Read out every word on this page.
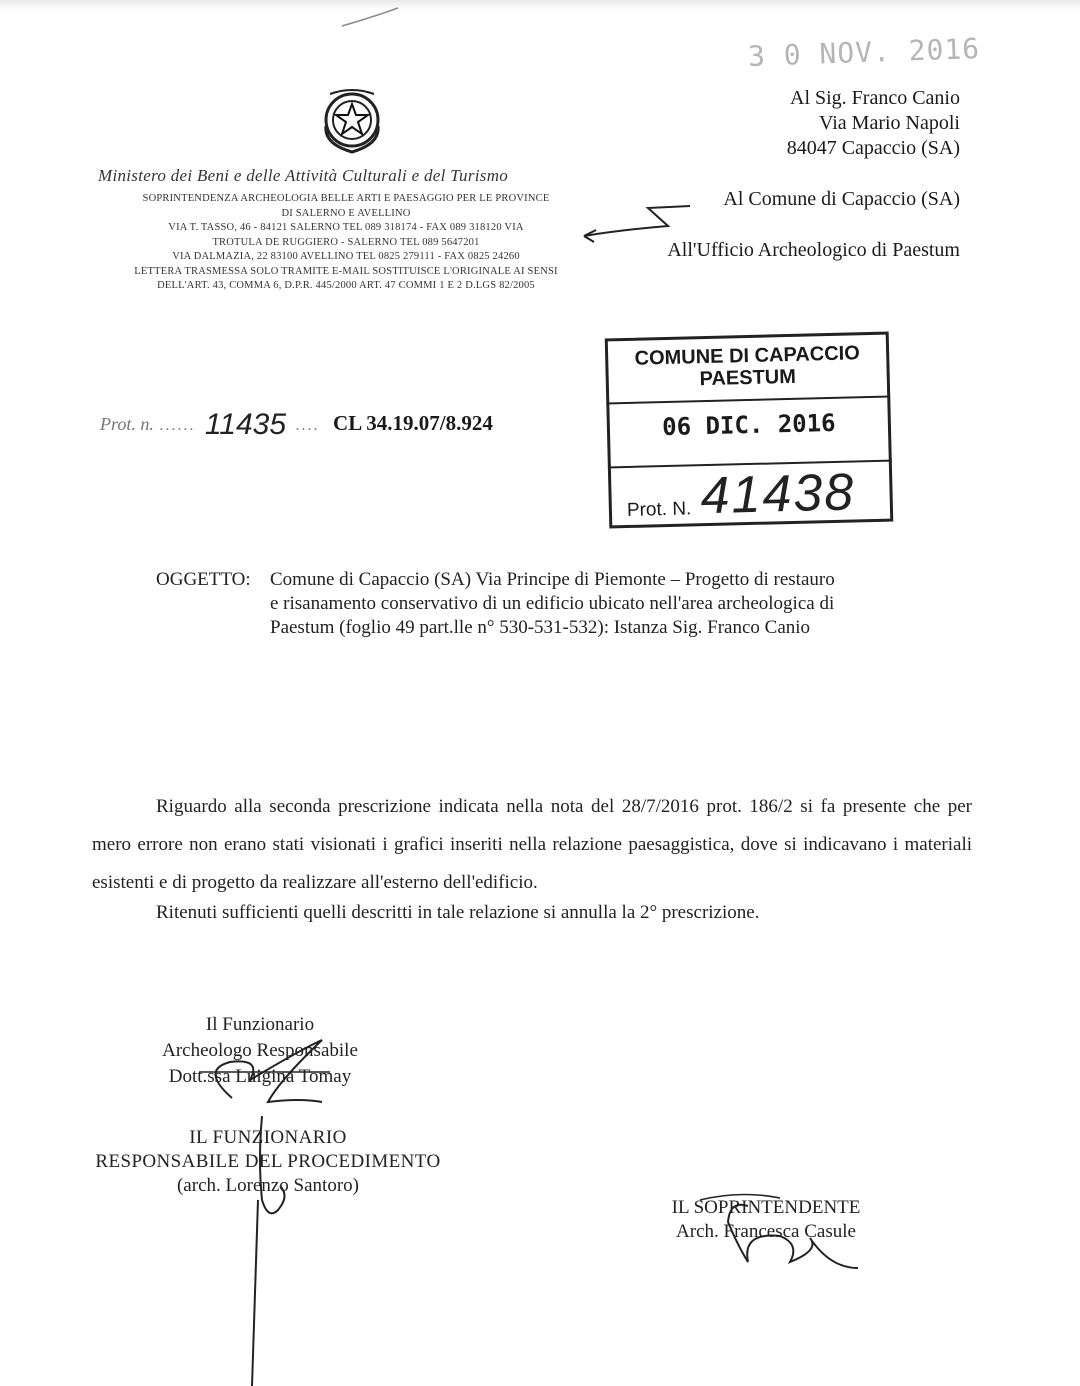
3 0 NOV. 2016
Al Sig. Franco Canio
Via Mario Napoli
84047 Capaccio (SA)
Al Comune di Capaccio (SA)
All'Ufficio Archeologico di Paestum
Ministero dei Beni e delle Attività Culturali e del Turismo
SOPRINTENDENZA ARCHEOLOGIA BELLE ARTI E PAESAGGIO PER LE PROVINCE
DI SALERNO E AVELLINO
VIA T. TASSO, 46 - 84121 SALERNO TEL 089 318174 - FAX 089 318120 VIA
TROTULA DE RUGGIERO - SALERNO TEL 089 5647201
VIA DALMAZIA, 22 83100 AVELLINO TEL 0825 279111 - FAX 0825 24260
LETTERA TRASMESSA SOLO TRAMITE E-MAIL SOSTITUISCE L'ORIGINALE AI SENSI
DELL'ART. 43, COMMA 6, D.P.R. 445/2000 ART. 47 COMMI 1 E 2 D.LGS 82/2005
Prot. n. ...... 11435 .... CL 34.19.07/8.924
COMUNE DI CAPACCIO PAESTUM
06 DIC. 2016
Prot. N. 41438
OGGETTO: Comune di Capaccio (SA) Via Principe di Piemonte – Progetto di restauro
e risanamento conservativo di un edificio ubicato nell'area archeologica di
Paestum (foglio 49 part.lle n° 530-531-532): Istanza Sig. Franco Canio
Riguardo alla seconda prescrizione indicata nella nota del 28/7/2016 prot. 186/2 si fa presente che per mero errore non erano stati visionati i grafici inseriti nella relazione paesaggistica, dove si indicavano i materiali esistenti e di progetto da realizzare all'esterno dell'edificio.
Ritenuti sufficienti quelli descritti in tale relazione si annulla la 2° prescrizione.
Il Funzionario
Archeologo Responsabile
Dott.ssa Luigina Tomay
IL FUNZIONARIO
RESPONSABILE DEL PROCEDIMENTO
(arch. Lorenzo Santoro)
IL SOPRINTENDENTE
Arch. Francesca Casule
